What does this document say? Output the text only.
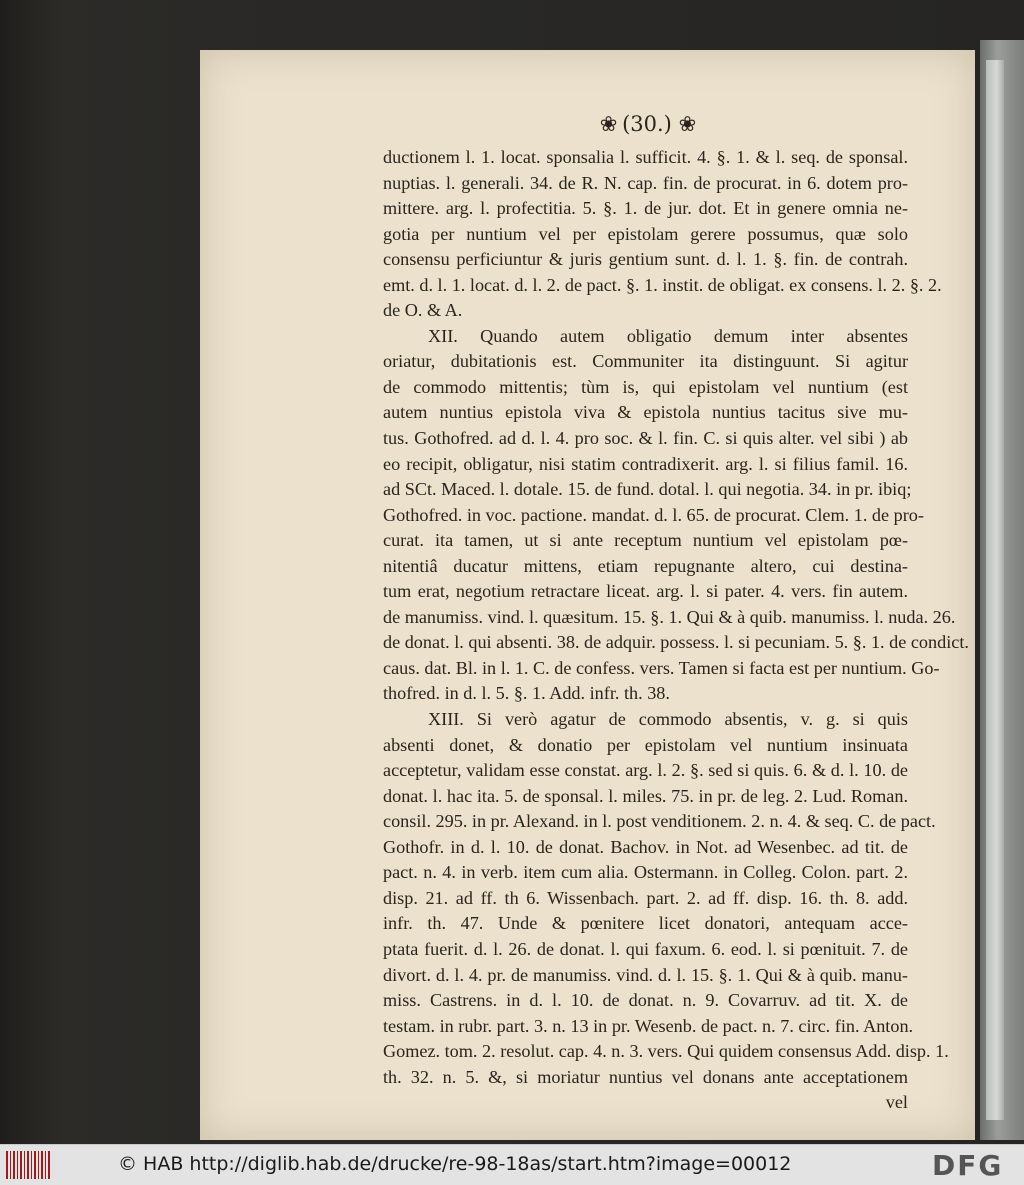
❀ (30.) ❀
ductionem l. 1. locat. sponsalia l. sufficit. 4. §. 1. & l. seq. de sponsal.
nuptias. l. generali. 34. de R. N. cap. fin. de procurat. in 6. dotem pro-
mittere. arg. l. profectitia. 5. §. 1. de jur. dot. Et in genere omnia ne-
gotia per nuntium vel per epistolam gerere possumus, quæ solo
consensu perficiuntur & juris gentium sunt. d. l. 1. §. fin. de contrah.
emt. d. l. 1. locat. d. l. 2. de pact. §. 1. instit. de obligat. ex consens. l. 2. §. 2.
de O. & A.
XII. Quando autem obligatio demum inter absentes
oriatur, dubitationis est. Communiter ita distinguunt. Si agitur
de commodo mittentis; tùm is, qui epistolam vel nuntium (est
autem nuntius epistola viva & epistola nuntius tacitus sive mu-
tus. Gothofred. ad d. l. 4. pro soc. & l. fin. C. si quis alter. vel sibi ) ab
eo recipit, obligatur, nisi statim contradixerit. arg. l. si filius famil. 16.
ad SCt. Maced. l. dotale. 15. de fund. dotal. l. qui negotia. 34. in pr. ibiq;
Gothofred. in voc. pactione. mandat. d. l. 65. de procurat. Clem. 1. de pro-
curat. ita tamen, ut si ante receptum nuntium vel epistolam pœ-
nitentiâ ducatur mittens, etiam repugnante altero, cui destina-
tum erat, negotium retractare liceat. arg. l. si pater. 4. vers. fin autem.
de manumiss. vind. l. quæsitum. 15. §. 1. Qui & à quib. manumiss. l. nuda. 26.
de donat. l. qui absenti. 38. de adquir. possess. l. si pecuniam. 5. §. 1. de condict.
caus. dat. Bl. in l. 1. C. de confess. vers. Tamen si facta est per nuntium. Go-
thofred. in d. l. 5. §. 1. Add. infr. th. 38.
XIII. Si verò agatur de commodo absentis, v. g. si quis
absenti donet, & donatio per epistolam vel nuntium insinuata
acceptetur, validam esse constat. arg. l. 2. §. sed si quis. 6. & d. l. 10. de
donat. l. hac ita. 5. de sponsal. l. miles. 75. in pr. de leg. 2. Lud. Roman.
consil. 295. in pr. Alexand. in l. post venditionem. 2. n. 4. & seq. C. de pact.
Gothofr. in d. l. 10. de donat. Bachov. in Not. ad Wesenbec. ad tit. de
pact. n. 4. in verb. item cum alia. Ostermann. in Colleg. Colon. part. 2.
disp. 21. ad ff. th 6. Wissenbach. part. 2. ad ff. disp. 16. th. 8. add.
infr. th. 47. Unde & pœnitere licet donatori, antequam acce-
ptata fuerit. d. l. 26. de donat. l. qui faxum. 6. eod. l. si pœnituit. 7. de
divort. d. l. 4. pr. de manumiss. vind. d. l. 15. §. 1. Qui & à quib. manu-
miss. Castrens. in d. l. 10. de donat. n. 9. Covarruv. ad tit. X. de
testam. in rubr. part. 3. n. 13 in pr. Wesenb. de pact. n. 7. circ. fin. Anton.
Gomez. tom. 2. resolut. cap. 4. n. 3. vers. Qui quidem consensus Add. disp. 1.
th. 32. n. 5. &, si moriatur nuntius vel donans ante acceptationem
vel
© HAB http://diglib.hab.de/drucke/re-98-18as/start.htm?image=00012	DFG
